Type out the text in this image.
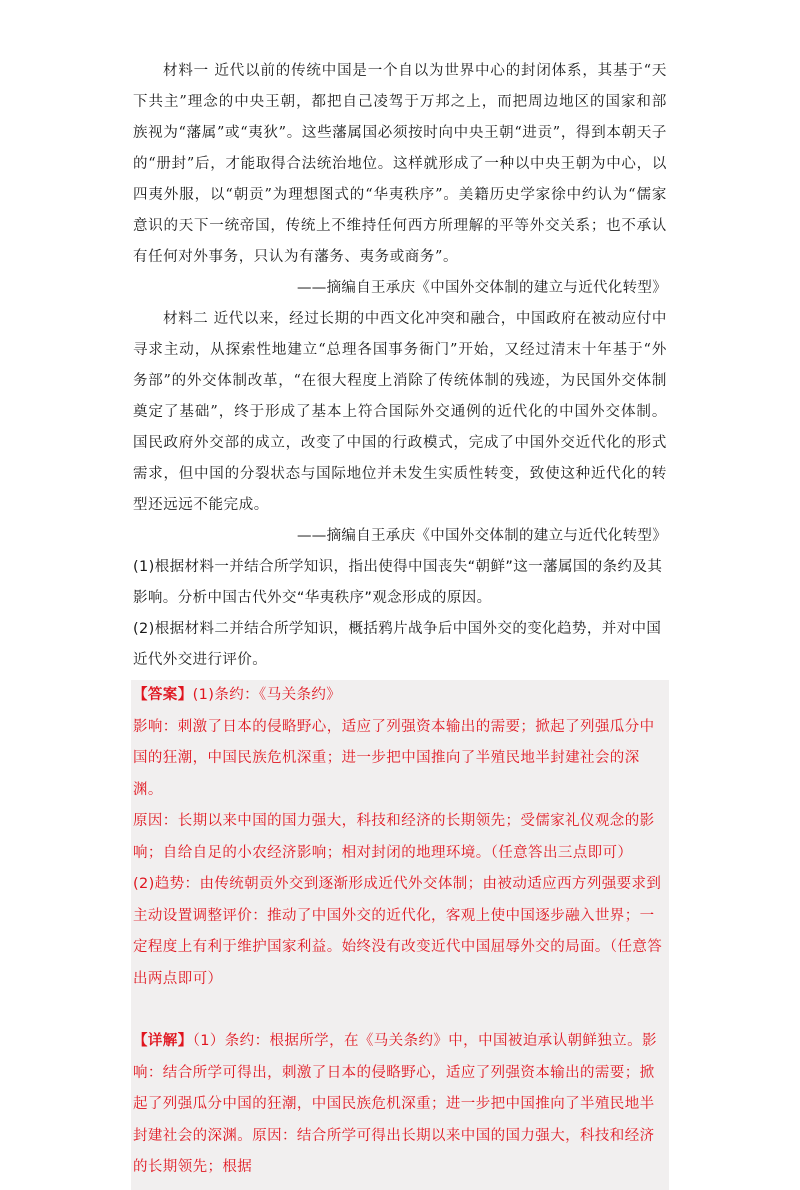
材料一 近代以前的传统中国是一个自以为世界中心的封闭体系，其基于“天下共主”理念的中央王朝，都把自己凌驾于万邦之上，而把周边地区的国家和部族视为“藩属”或“夷狄”。这些藩属国必须按时向中央王朝“进贡”，得到本朝天子的“册封”后，才能取得合法统治地位。这样就形成了一种以中央王朝为中心，以四夷外服，以“朝贡”为理想图式的“华夷秩序”。美籍历史学家徐中约认为“儒家意识的天下一统帝国，传统上不维持任何西方所理解的平等外交关系；也不承认有任何对外事务，只认为有藩务、夷务或商务”。

——摘编自王承庆《中国外交体制的建立与近代化转型》

材料二 近代以来，经过长期的中西文化冲突和融合，中国政府在被动应付中寻求主动，从探索性地建立“总理各国事务衙门”开始，又经过清末十年基于“外务部”的外交体制改革，“在很大程度上消除了传统体制的残迹，为民国外交体制奠定了基础”，终于形成了基本上符合国际外交通例的近代化的中国外交体制。国民政府外交部的成立，改变了中国的行政模式，完成了中国外交近代化的形式需求，但中国的分裂状态与国际地位并未发生实质性转变，致使这种近代化的转型还远远不能完成。

——摘编自王承庆《中国外交体制的建立与近代化转型》

(1)根据材料一并结合所学知识，指出使得中国丧失“朝鲜”这一藩属国的条约及其影响。分析中国古代外交“华夷秩序”观念形成的原因。

(2)根据材料二并结合所学知识，概括鸦片战争后中国外交的变化趋势，并对中国近代外交进行评价。

【答案】(1)条约：《马关条约》

影响：刺激了日本的侵略野心，适应了列强资本输出的需要；掀起了列强瓜分中国的狂潮，中国民族危机深重；进一步把中国推向了半殖民地半封建社会的深渊。

原因：长期以来中国的国力强大，科技和经济的长期领先；受儒家礼仪观念的影响；自给自足的小农经济影响；相对封闭的地理环境。（任意答出三点即可）

(2)趋势：由传统朝贡外交到逐渐形成近代外交体制；由被动适应西方列强要求到主动设置调整评价：推动了中国外交的近代化，客观上使中国逐步融入世界；一定程度上有利于维护国家利益。始终没有改变近代中国屈辱外交的局面。（任意答出两点即可）

【详解】（1）条约：根据所学，在《马关条约》中，中国被迫承认朝鲜独立。影响：结合所学可得出，刺激了日本的侵略野心，适应了列强资本输出的需要；掀起了列强瓜分中国的狂潮，中国民族危机深重；进一步把中国推向了半殖民地半封建社会的深渊。原因：结合所学可得出长期以来中国的国力强大，科技和经济的长期领先；根据
